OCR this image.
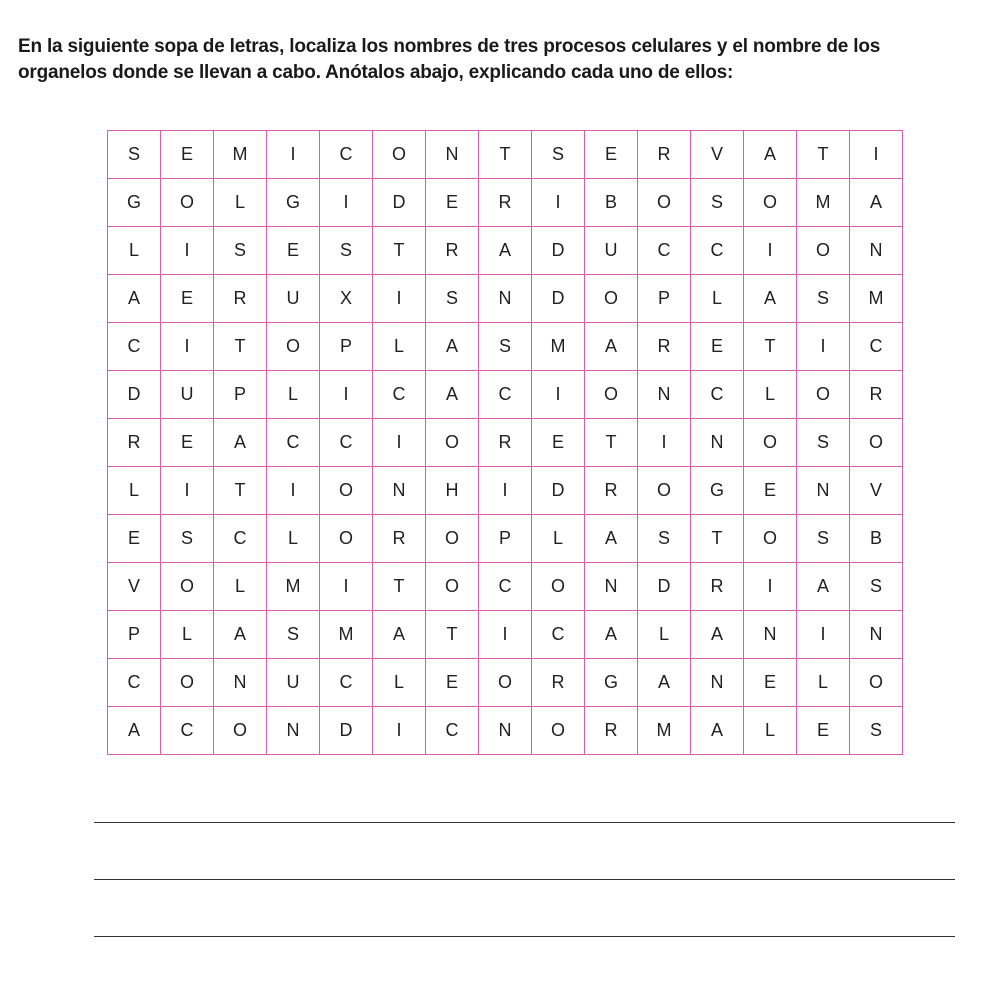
En la siguiente sopa de letras, localiza los nombres de tres procesos celulares y el nombre de los
organelos donde se llevan a cabo. Anótalos abajo, explicando cada uno de ellos:

S	E	M	I	C	O	N	T	S	E	R	V	A	T	I
G	O	L	G	I	D	E	R	I	B	O	S	O	M	A
L	I	S	E	S	T	R	A	D	U	C	C	I	O	N
A	E	R	U	X	I	S	N	D	O	P	L	A	S	M
C	I	T	O	P	L	A	S	M	A	R	E	T	I	C
D	U	P	L	I	C	A	C	I	O	N	C	L	O	R
R	E	A	C	C	I	O	R	E	T	I	N	O	S	O
L	I	T	I	O	N	H	I	D	R	O	G	E	N	V
E	S	C	L	O	R	O	P	L	A	S	T	O	S	B
V	O	L	M	I	T	O	C	O	N	D	R	I	A	S
P	L	A	S	M	A	T	I	C	A	L	A	N	I	N
C	O	N	U	C	L	E	O	R	G	A	N	E	L	O
A	C	O	N	D	I	C	N	O	R	M	A	L	E	S
